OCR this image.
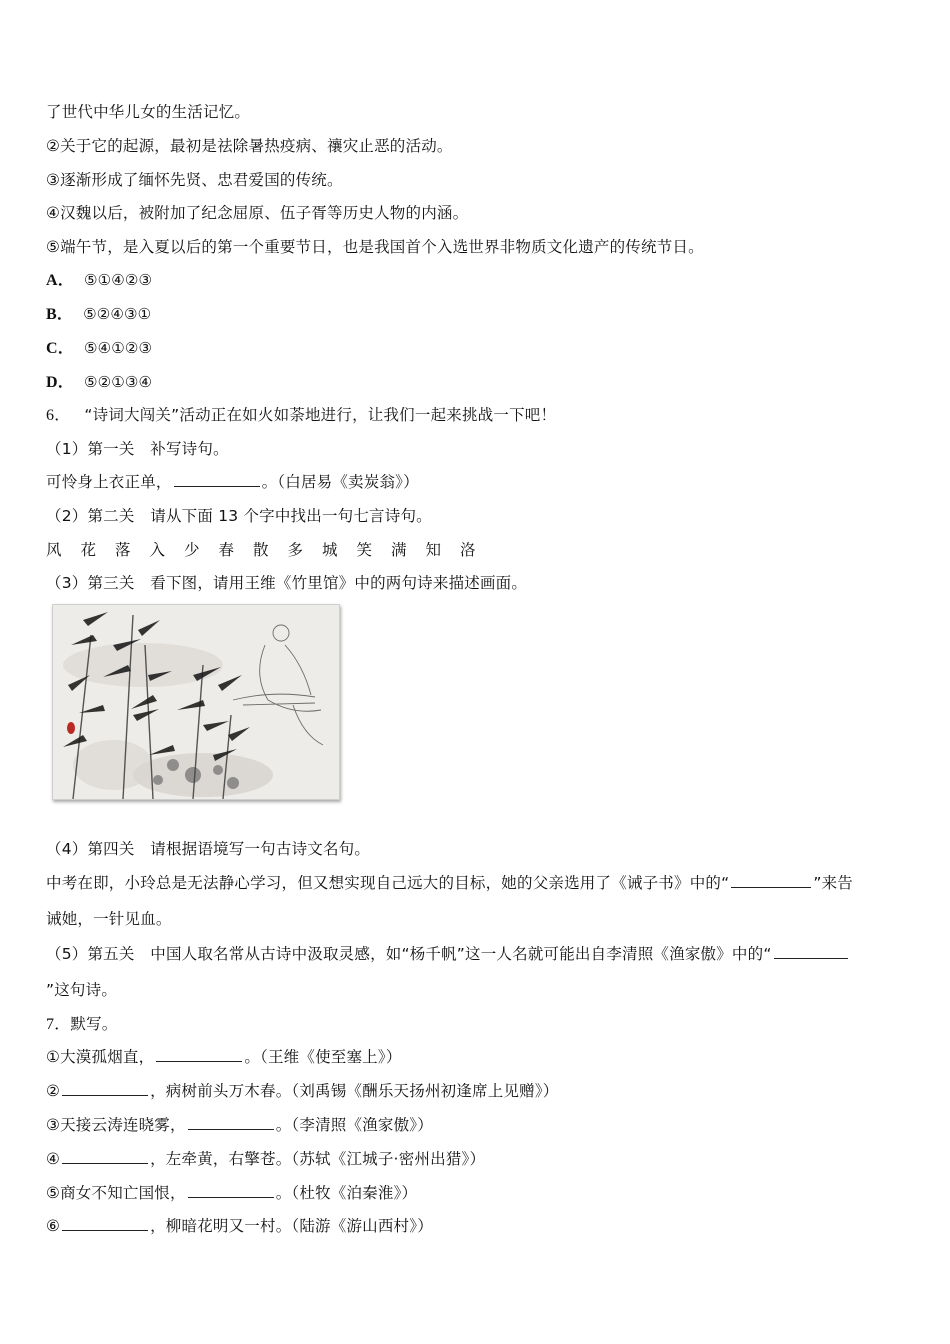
了世代中华儿女的生活记忆。
②关于它的起源，最初是祛除暑热疫病、禳灾止恶的活动。
③逐渐形成了缅怀先贤、忠君爱国的传统。
④汉魏以后，被附加了纪念屈原、伍子胥等历史人物的内涵。
⑤端午节，是入夏以后的第一个重要节日，也是我国首个入选世界非物质文化遗产的传统节日。
A． ⑤①④②③
B． ⑤②④③①
C． ⑤④①②③
D． ⑤②①③④
6． “诗词大闯关”活动正在如火如荼地进行，让我们一起来挑战一下吧！
（1）第一关　补写诗句。
可怜身上衣正单，	。（白居易《卖炭翁》）
（2）第二关　请从下面 13 个字中找出一句七言诗句。
风 花 落 入 少 春 散 多 城 笑 满 知 洛
（3）第三关　看下图，请用王维《竹里馆》中的两句诗来描述画面。
（4）第四关　请根据语境写一句古诗文名句。
中考在即，小玲总是无法静心学习，但又想实现自己远大的目标，她的父亲选用了《诫子书》中的“	”来告
诫她，一针见血。
（5）第五关　中国人取名常从古诗中汲取灵感，如“杨千帆”这一人名就可能出自李清照《渔家傲》中的“
”这句诗。
7．默写。
①大漠孤烟直，	。（王维《使至塞上》）
②	，病树前头万木春。（刘禹锡《酬乐天扬州初逢席上见赠》）
③天接云涛连晓雾，	。（李清照《渔家傲》）
④	，左牵黄，右擎苍。（苏轼《江城子·密州出猎》）
⑤商女不知亡国恨，	。（杜牧《泊秦淮》）
⑥	，柳暗花明又一村。（陆游《游山西村》）
